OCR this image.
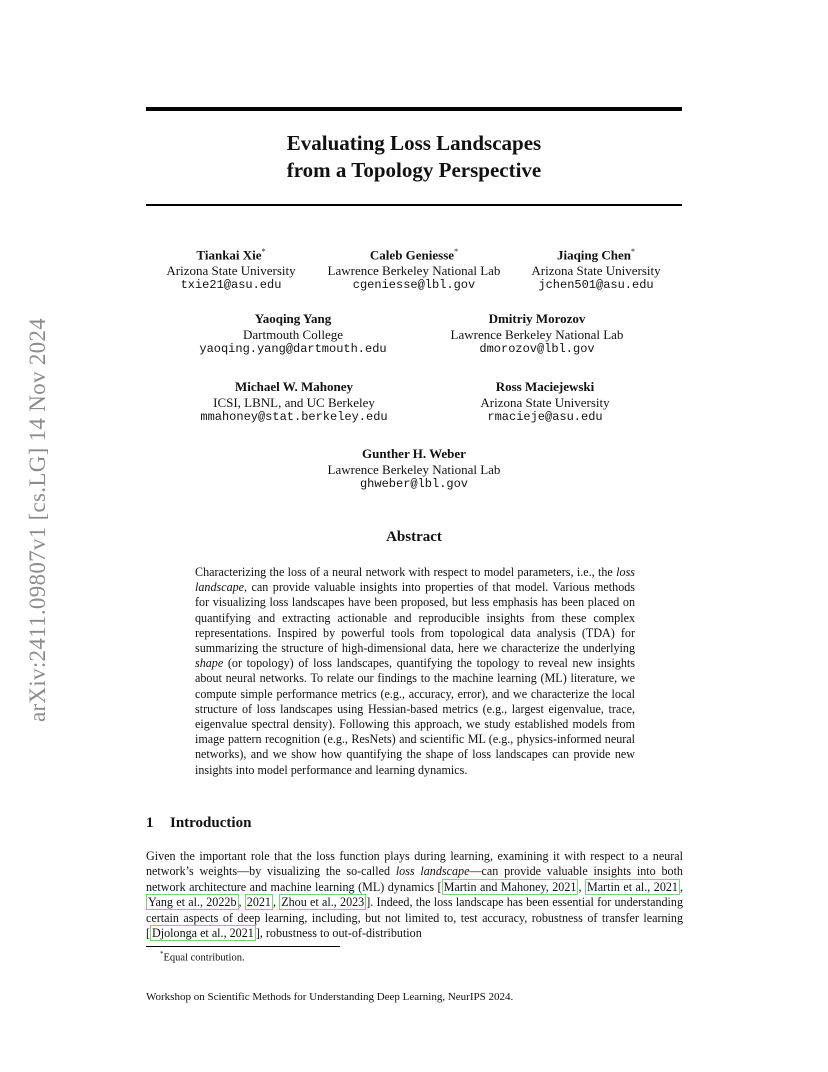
arXiv:2411.09807v1 [cs.LG] 14 Nov 2024
Evaluating Loss Landscapes
from a Topology Perspective
Tiankai Xie*
Arizona State University
txie21@asu.edu
Caleb Geniesse*
Lawrence Berkeley National Lab
cgeniesse@lbl.gov
Jiaqing Chen*
Arizona State University
jchen501@asu.edu
Yaoqing Yang
Dartmouth College
yaoqing.yang@dartmouth.edu
Dmitriy Morozov
Lawrence Berkeley National Lab
dmorozov@lbl.gov
Michael W. Mahoney
ICSI, LBNL, and UC Berkeley
mmahoney@stat.berkeley.edu
Ross Maciejewski
Arizona State University
rmacieje@asu.edu
Gunther H. Weber
Lawrence Berkeley National Lab
ghweber@lbl.gov
Abstract
Characterizing the loss of a neural network with respect to model parameters, i.e., the loss landscape, can provide valuable insights into properties of that model. Various methods for visualizing loss landscapes have been proposed, but less emphasis has been placed on quantifying and extracting actionable and reproducible insights from these complex representations. Inspired by powerful tools from topological data analysis (TDA) for summarizing the structure of high-dimensional data, here we characterize the underlying shape (or topology) of loss landscapes, quantifying the topology to reveal new insights about neural networks. To relate our findings to the machine learning (ML) literature, we compute simple performance metrics (e.g., accuracy, error), and we characterize the local structure of loss landscapes using Hessian-based metrics (e.g., largest eigenvalue, trace, eigenvalue spectral density). Following this approach, we study established models from image pattern recognition (e.g., ResNets) and scientific ML (e.g., physics-informed neural networks), and we show how quantifying the shape of loss landscapes can provide new insights into model performance and learning dynamics.
1 Introduction
Given the important role that the loss function plays during learning, examining it with respect to a neural network’s weights—by visualizing the so-called loss landscape—can provide valuable insights into both network architecture and machine learning (ML) dynamics [ Martin and Mahoney, 2021 , Martin et al., 2021 , Yang et al., 2022b , 2021 , Zhou et al., 2023 ]. Indeed, the loss landscape has been essential for understanding certain aspects of deep learning, including, but not limited to, test accuracy, robustness of transfer learning [ Djolonga et al., 2021 ], robustness to out-of-distribution
*Equal contribution.
Workshop on Scientific Methods for Understanding Deep Learning, NeurIPS 2024.
